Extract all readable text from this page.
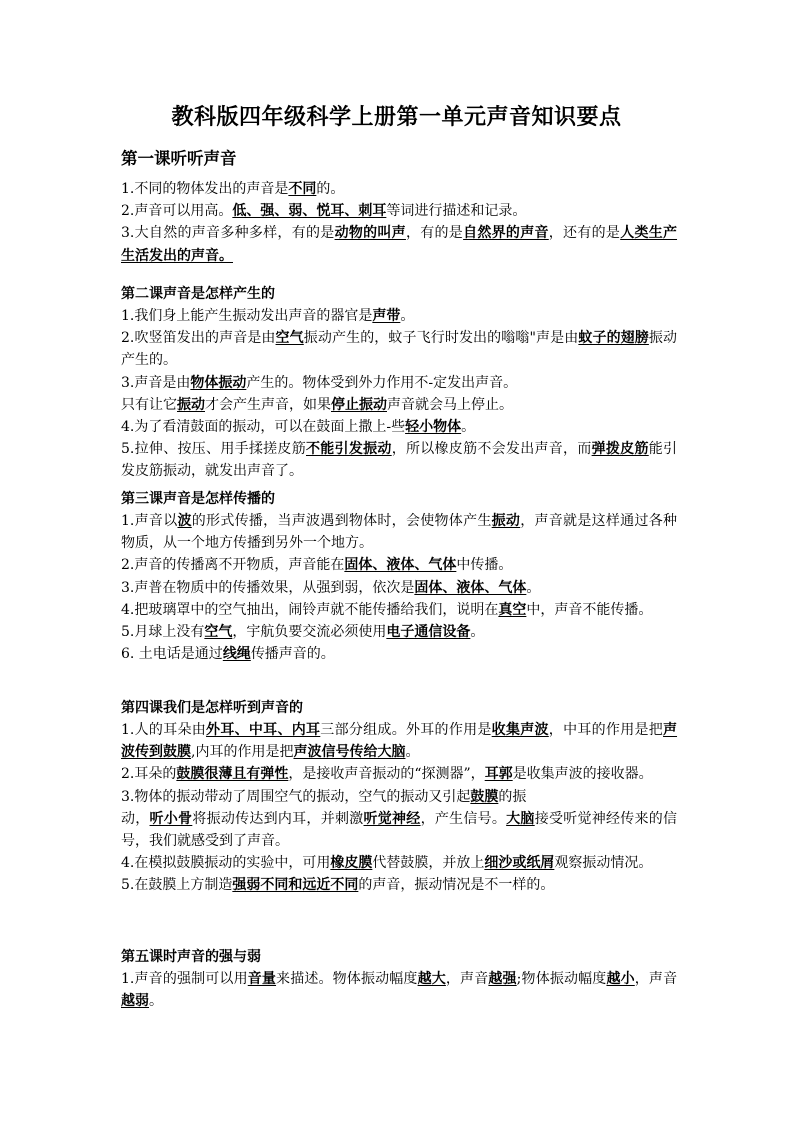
教科版四年级科学上册第一单元声音知识要点
第一课听听声音
1.不同的物体发出的声音是不同的。
2.声音可以用高。低、强、弱、悦耳、刺耳等词进行描述和记录。
3.大自然的声音多种多样，有的是动物的叫声，有的是自然界的声音，还有的是人类生产生活发出的声音。
第二课声音是怎样产生的
1.我们身上能产生振动发出声音的器官是声带。
2.吹竖笛发出的声音是由空气振动产生的，蚊子飞行时发出的嗡嗡"声是由蚊子的翅膀振动产生的。
3.声音是由物体振动产生的。物体受到外力作用不-定发出声音。
只有让它振动才会产生声音，如果停止振动声音就会马上停止。
4.为了看清鼓面的振动，可以在鼓面上撒上-些轻小物体。
5.拉伸、按压、用手揉搓皮筋不能引发振动，所以橡皮筋不会发出声音，而弹拨皮筋能引发皮筋振动，就发出声音了。
第三课声音是怎样传播的
1.声音以波的形式传播，当声波遇到物体时，会使物体产生振动，声音就是这样通过各种物质，从一个地方传播到另外一个地方。
2.声音的传播离不开物质，声音能在固体、液体、气体中传播。
3.声普在物质中的传播效果，从强到弱，依次是固体、液体、气体。
4.把玻璃罩中的空气抽出，闹铃声就不能传播给我们，说明在真空中，声音不能传播。
5.月球上没有空气，宇航负要交流必须使用电子通信设备。
6. 土电话是通过线绳传播声音的。
第四课我们是怎样听到声音的
1.人的耳朵由外耳、中耳、内耳三部分组成。外耳的作用是收集声波，中耳的作用是把声波传到鼓膜,内耳的作用是把声波信号传给大脑。
2.耳朵的鼓膜很薄且有弹性，是接收声音振动的“探测器”，耳郭是收集声波的接收器。
3.物体的振动带动了周围空气的振动，空气的振动又引起鼓膜的振
动，听小骨将振动传达到内耳，并刺激听觉神经，产生信号。大脑接受听觉神经传来的信号，我们就感受到了声音。
4.在模拟鼓膜振动的实验中，可用橡皮膜代替鼓膜，并放上细沙或纸屑观察振动情况。
5.在鼓膜上方制造强弱不同和远近不同的声音，振动情况是不一样的。
第五课时声音的强与弱
1.声音的强制可以用音量来描述。物体振动幅度越大，声音越强;物体振动幅度越小，声音越弱。
